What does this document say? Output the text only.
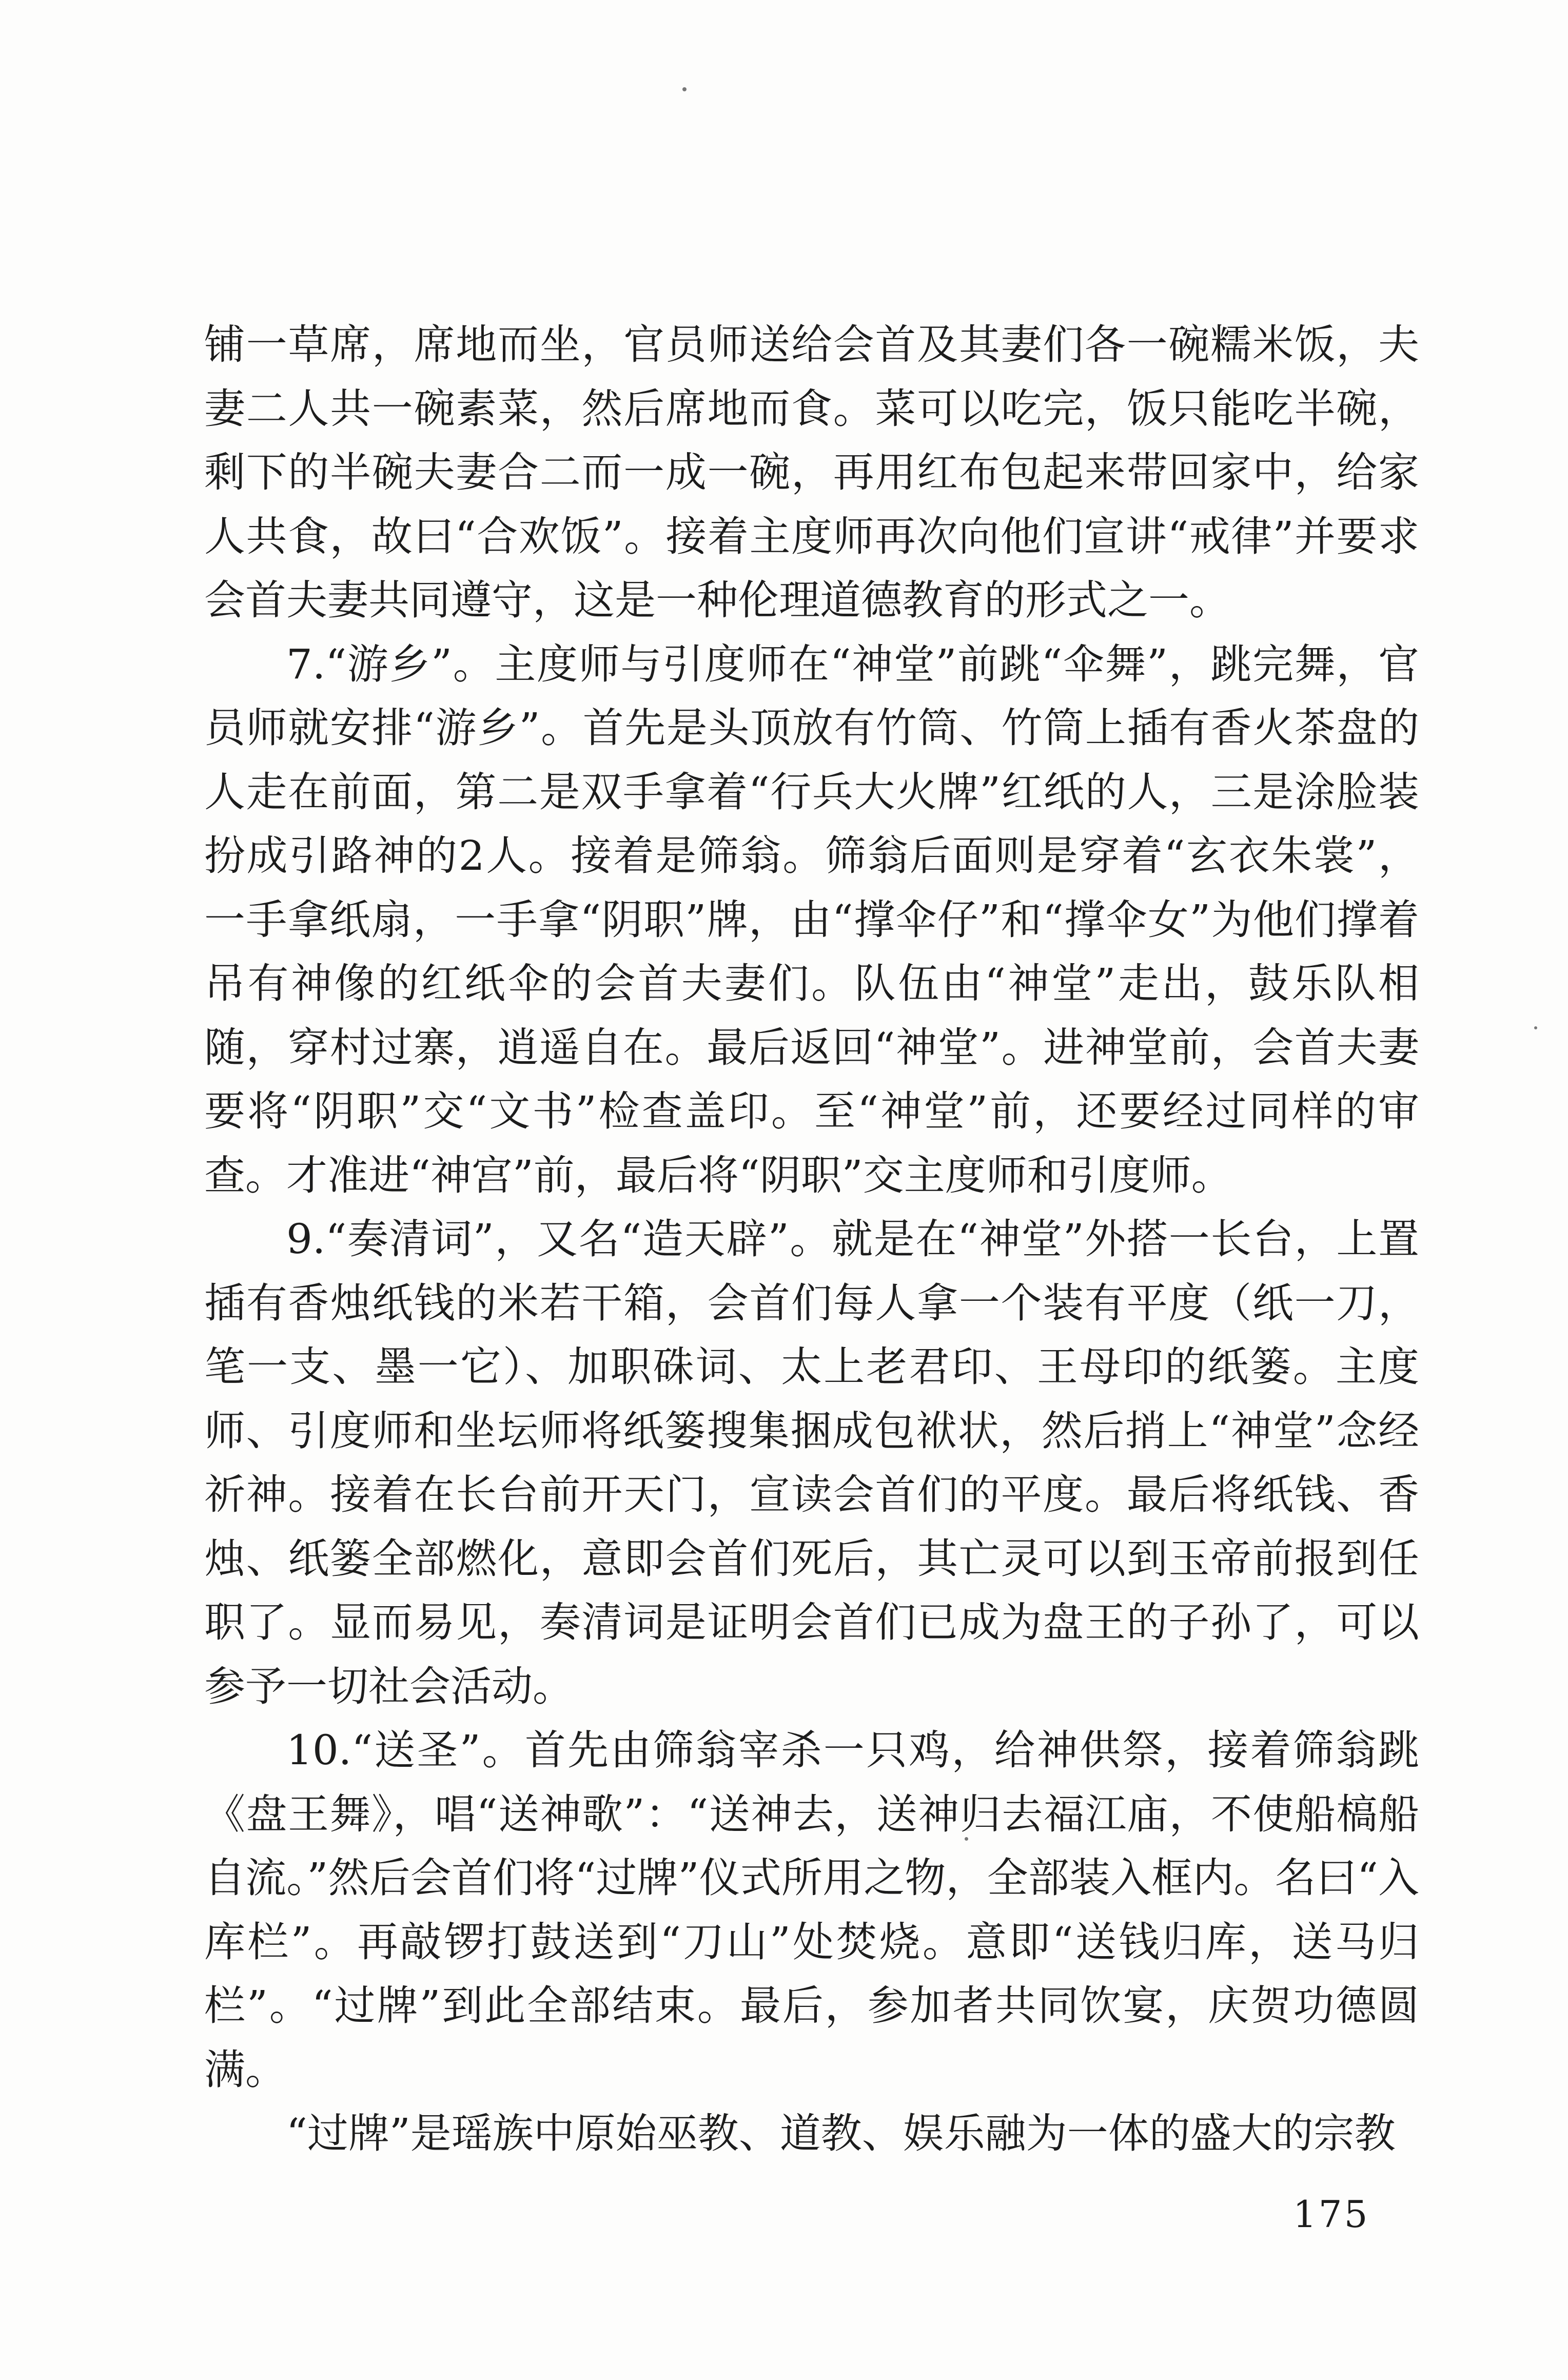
铺一草席，席地而坐，官员师送给会首及其妻们各一碗糯米饭，夫妻二人共一碗素菜，然后席地而食。菜可以吃完，饭只能吃半碗，剩下的半碗夫妻合二而一成一碗，再用红布包起来带回家中，给家人共食，故曰“合欢饭”。接着主度师再次向他们宣讲“戒律”并要求会首夫妻共同遵守，这是一种伦理道德教育的形式之一。

7.“游乡”。主度师与引度师在“神堂”前跳“伞舞”，跳完舞，官员师就安排“游乡”。首先是头顶放有竹筒、竹筒上插有香火茶盘的人走在前面，第二是双手拿着“行兵大火牌”红纸的人，三是涂脸装扮成引路神的2人。接着是筛翁。筛翁后面则是穿着“玄衣朱裳”，一手拿纸扇，一手拿“阴职”牌，由“撑伞仔”和“撑伞女”为他们撑着吊有神像的红纸伞的会首夫妻们。队伍由“神堂”走出，鼓乐队相随，穿村过寨，逍遥自在。最后返回“神堂”。进神堂前，会首夫妻要将“阴职”交“文书”检查盖印。至“神堂”前，还要经过同样的审查。才准进“神宫”前，最后将“阴职”交主度师和引度师。

9.“奏清词”，又名“造天辟”。就是在“神堂”外搭一长台，上置插有香烛纸钱的米若干箱，会首们每人拿一个装有平度（纸一刀，笔一支、墨一它）、加职硃词、太上老君印、王母印的纸篓。主度师、引度师和坐坛师将纸篓搜集捆成包袱状，然后捎上“神堂”念经祈神。接着在长台前开天门，宣读会首们的平度。最后将纸钱、香烛、纸篓全部燃化，意即会首们死后，其亡灵可以到玉帝前报到任职了。显而易见，奏清词是证明会首们已成为盘王的子孙了，可以参予一切社会活动。

10.“送圣”。首先由筛翁宰杀一只鸡，给神供祭，接着筛翁跳《盘王舞》，唱“送神歌”：“送神去，送神归去福江庙，不使船槁船自流。”然后会首们将“过牌”仪式所用之物，全部装入框内。名曰“入库栏”。再敲锣打鼓送到“刀山”处焚烧。意即“送钱归库，送马归栏”。“过牌”到此全部结束。最后，参加者共同饮宴，庆贺功德圆满。

“过牌”是瑶族中原始巫教、道教、娱乐融为一体的盛大的宗教

175
